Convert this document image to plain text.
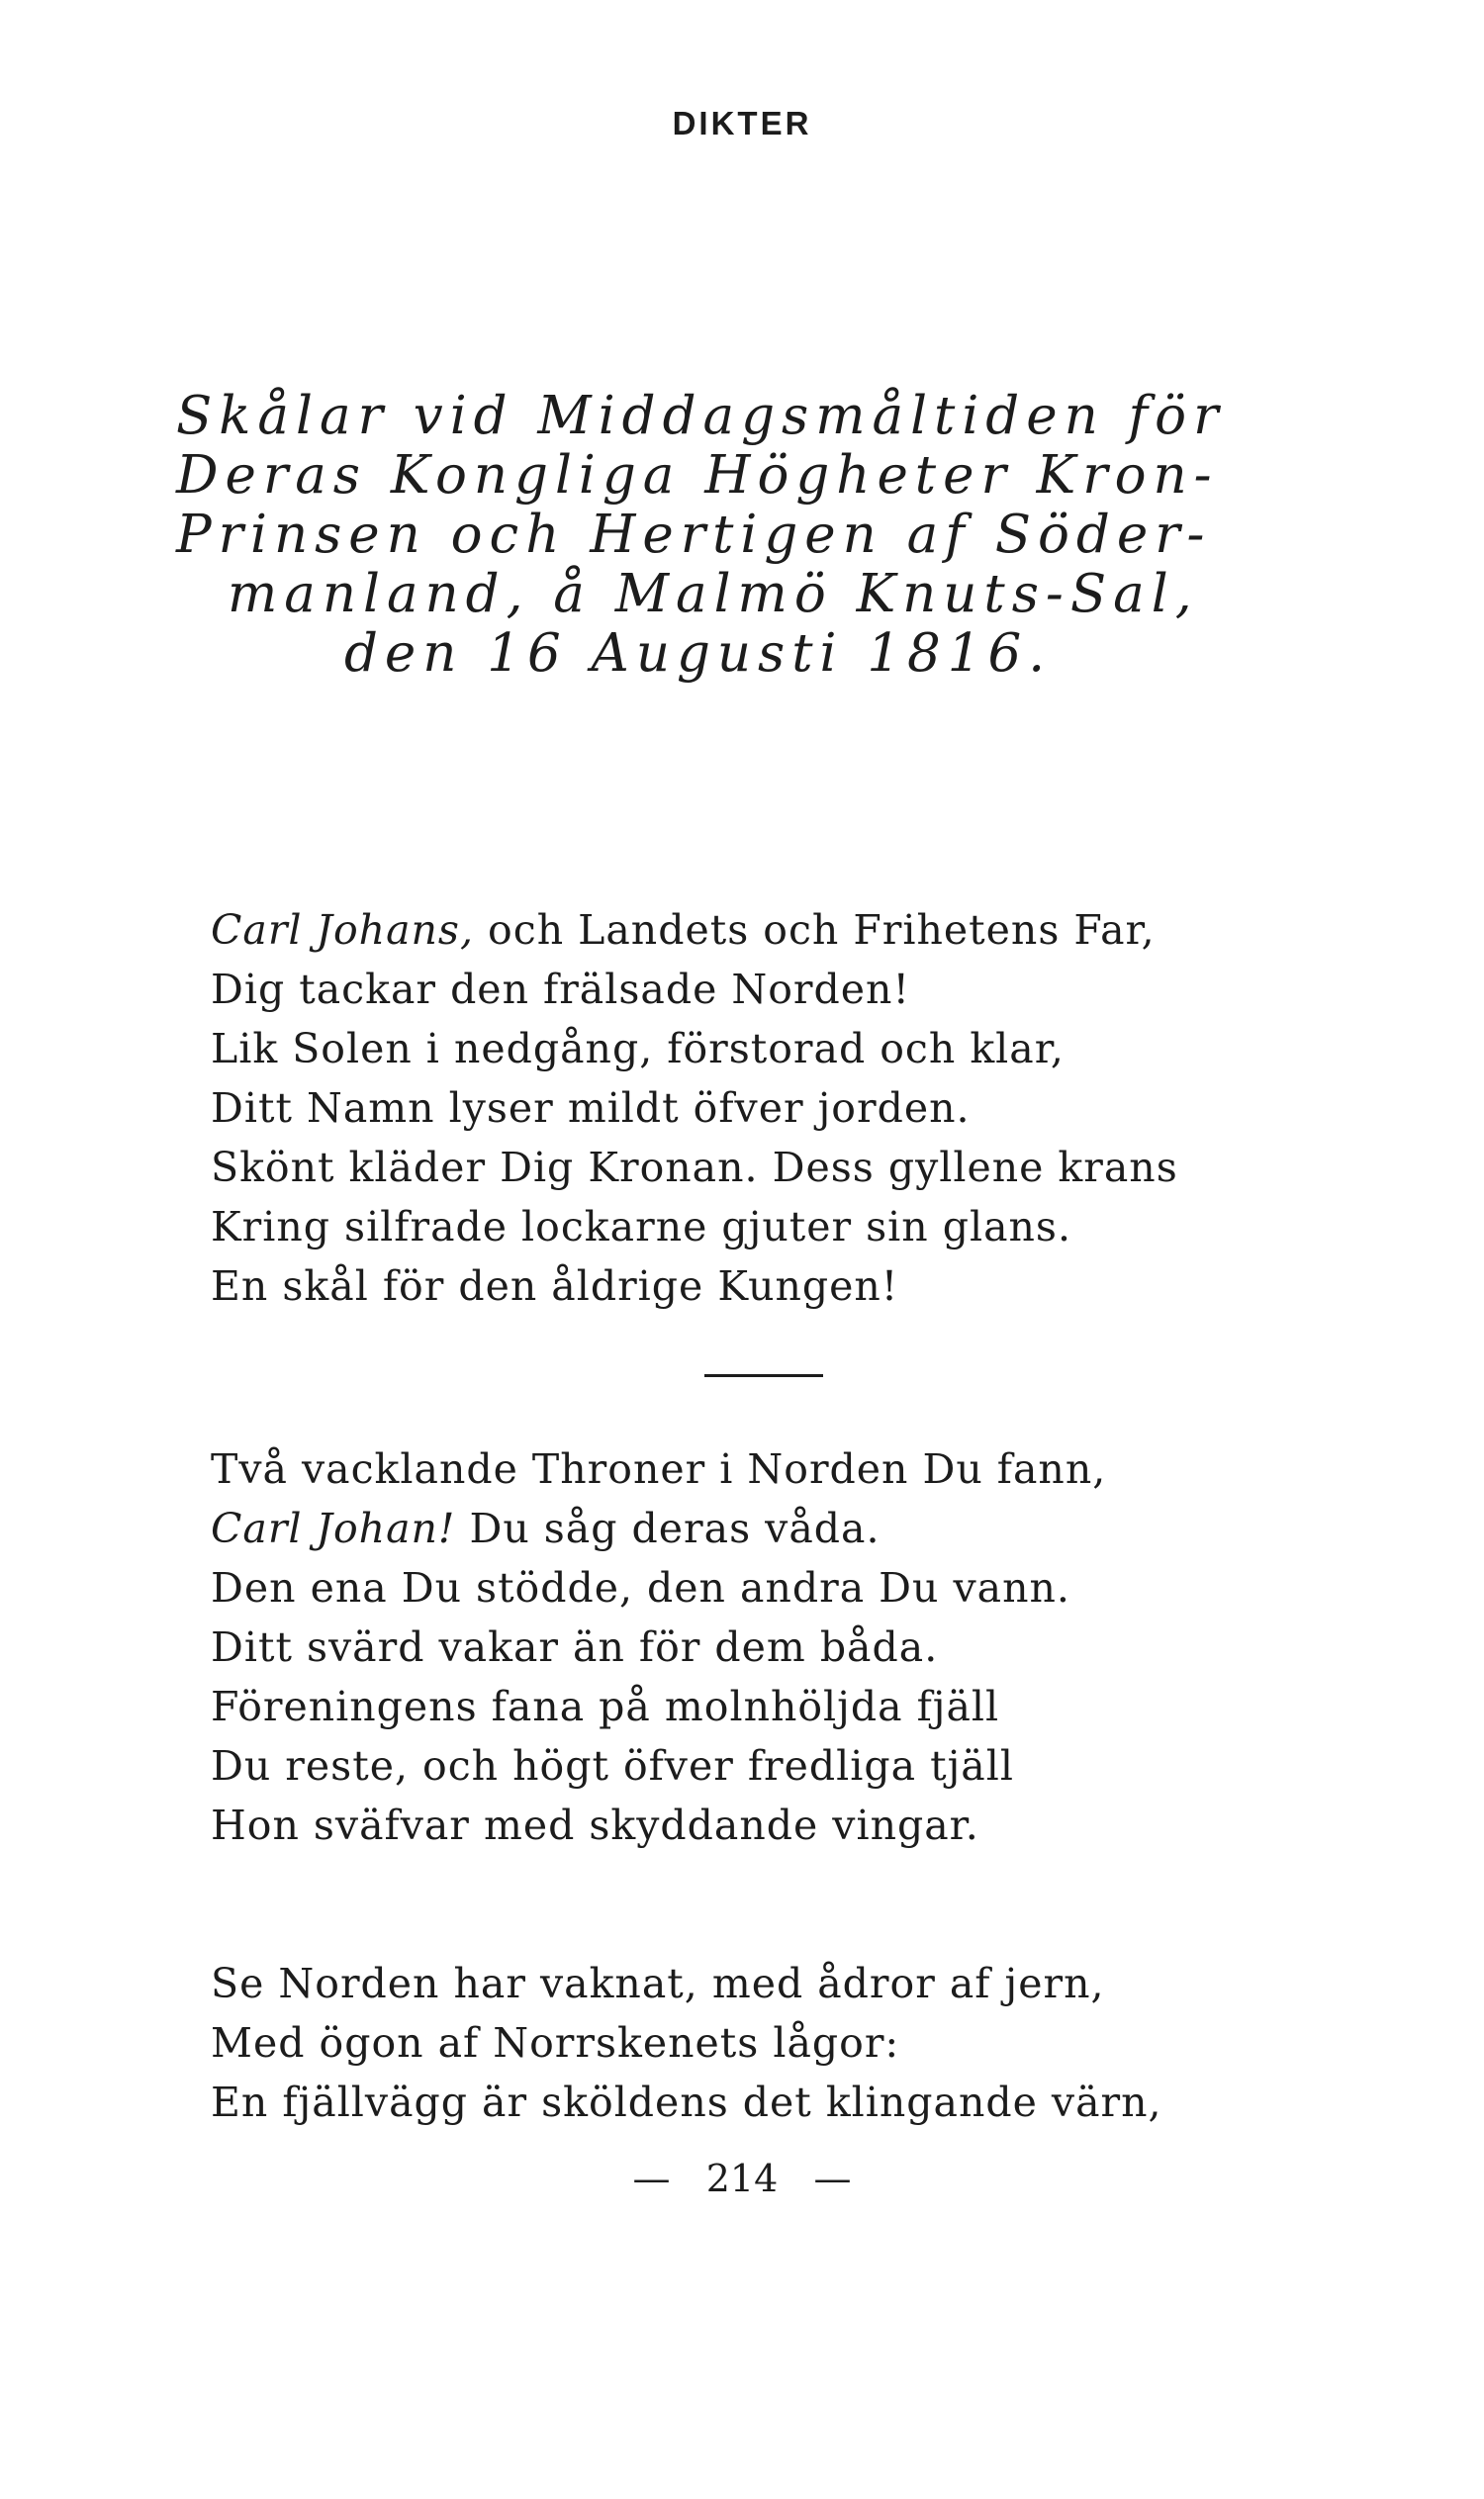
DIKTER
Skålar vid Middagsmåltiden för
Deras Kongliga Högheter Kron-
Prinsen och Hertigen af Söder-
manland, å Malmö Knuts-Sal,
den 16 Augusti 1816.
Carl Johans, och Landets och Frihetens Far,
Dig tackar den frälsade Norden!
Lik Solen i nedgång, förstorad och klar,
Ditt Namn lyser mildt öfver jorden.
Skönt kläder Dig Kronan. Dess gyllene krans
Kring silfrade lockarne gjuter sin glans.
En skål för den åldrige Kungen!
Två vacklande Throner i Norden Du fann,
Carl Johan! Du såg deras våda.
Den ena Du stödde, den andra Du vann.
Ditt svärd vakar än för dem båda.
Föreningens fana på molnhöljda fjäll
Du reste, och högt öfver fredliga tjäll
Hon sväfvar med skyddande vingar.
Se Norden har vaknat, med ådror af jern,
Med ögon af Norrskenets lågor:
En fjällvägg är sköldens det klingande värn,
—   214   —
